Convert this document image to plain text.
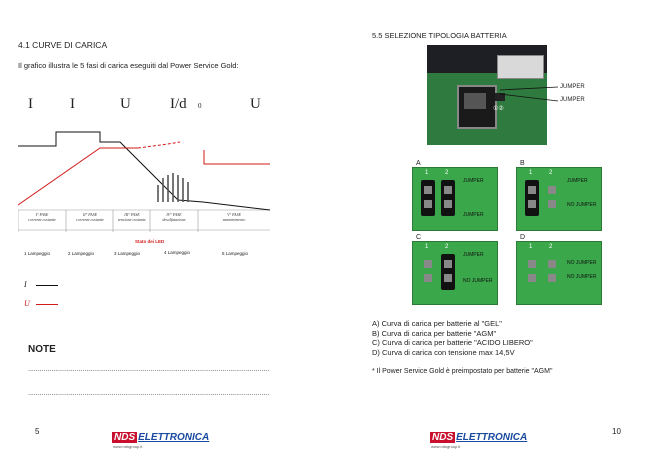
4.1 CURVE DI CARICA
Il grafico illustra le 5 fasi di carica eseguiti dal Power Service Gold:
I I	U	I/d 0	U
I° FASE
corrente costante
II° FASE
corrente costante
III° FASE
tensione costante
IV° FASE
desolfatazione
V° FASE
mantenimento
Stato dei LED
1 Lampeggio	2 Lampeggio	3 Lampeggio	4 Lampeggio	5 Lampeggio
I
U
NOTE
............................................................................................................................
............................................................................................................................
5	NDS ELETTRONICA
www.ndsgroup.it
5.5 SELEZIONE TIPOLOGIA BATTERIA
①②
JUMPER
JUMPER
A
1	2
JUMPER
JUMPER
B
1	2
JUMPER
NO JUMPER
C
1	2
JUMPER
NO JUMPER
D
1	2
NO JUMPER
NO JUMPER
A) Curva di carica per batterie al "GEL"
B) Curva di carica per batterie "AGM"
C) Curva di carica per batterie "ACIDO LIBERO"
D) Curva di carica con tensione max 14,5V
* Il Power Service Gold è preimpostato per batterie "AGM"
NDS ELETTRONICA
www.ndsgroup.it
10
